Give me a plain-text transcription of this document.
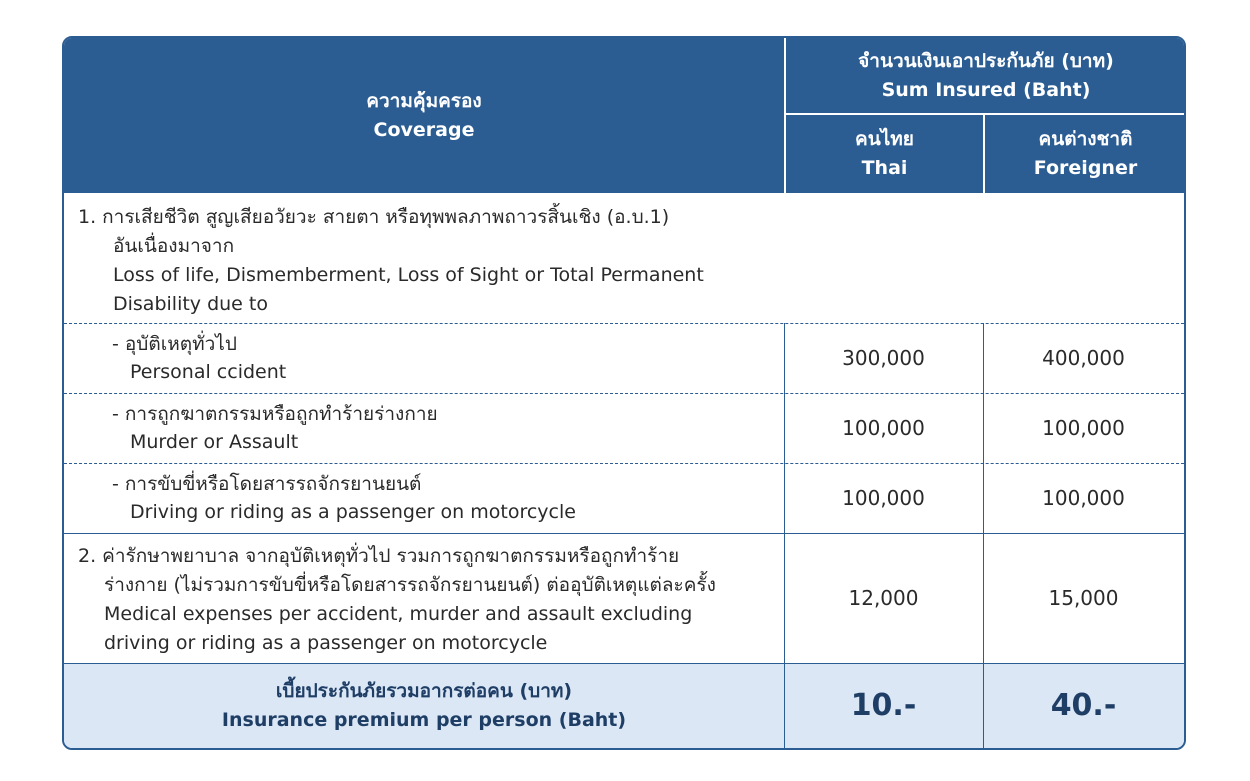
ความคุ้มครอง
Coverage
จำนวนเงินเอาประกันภัย (บาท)
Sum Insured (Baht)
คนไทย
Thai
คนต่างชาติ
Foreigner
1. การเสียชีวิต สูญเสียอวัยวะ สายตา หรือทุพพลภาพถาวรสิ้นเชิง (อ.บ.1)
อันเนื่องมาจาก
Loss of life, Dismemberment, Loss of Sight or Total Permanent
Disability due to
- อุบัติเหตุทั่วไป
Personal ccident
300,000	400,000
- การถูกฆาตกรรมหรือถูกทำร้ายร่างกาย
Murder or Assault
100,000	100,000
- การขับขี่หรือโดยสารรถจักรยานยนต์
Driving or riding as a passenger on motorcycle
100,000	100,000
2. ค่ารักษาพยาบาล จากอุบัติเหตุทั่วไป รวมการถูกฆาตกรรมหรือถูกทำร้าย
ร่างกาย (ไม่รวมการขับขี่หรือโดยสารรถจักรยานยนต์) ต่ออุบัติเหตุแต่ละครั้ง
Medical expenses per accident, murder and assault excluding
driving or riding as a passenger on motorcycle
12,000	15,000
เบี้ยประกันภัยรวมอากรต่อคน (บาท)
Insurance premium per person (Baht)	10.-	40.-
